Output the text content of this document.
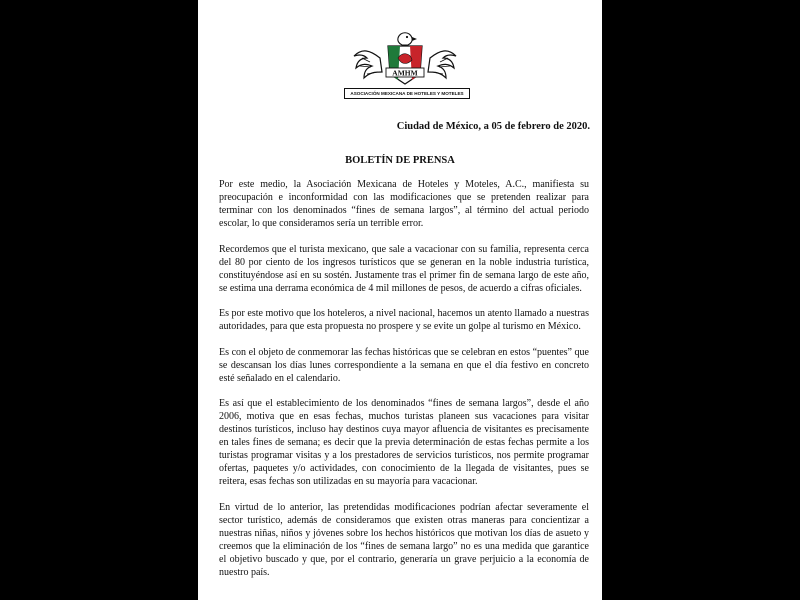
AMHM
ASOCIACIÓN MEXICANA DE HOTELES Y MOTELES
Ciudad de México, a 05 de febrero de 2020.
BOLETÍN DE PRENSA

Por este medio, la Asociación Mexicana de Hoteles y Moteles, A.C., manifiesta su preocupación e inconformidad con las modificaciones que se pretenden realizar para terminar con los denominados “fines de semana largos”, al término del actual periodo escolar, lo que consideramos sería un terrible error.

Recordemos que el turista mexicano, que sale a vacacionar con su familia, representa cerca del 80 por ciento de los ingresos turísticos que se generan en la noble industria turística, constituyéndose así en su sostén. Justamente tras el primer fin de semana largo de este año, se estima una derrama económica de 4 mil millones de pesos, de acuerdo a cifras oficiales.

Es por este motivo que los hoteleros, a nivel nacional, hacemos un atento llamado a nuestras autoridades, para que esta propuesta no prospere y se evite un golpe al turismo en México.

Es con el objeto de conmemorar las fechas históricas que se celebran en estos “puentes” que se descansan los días lunes correspondiente a la semana en que el día festivo en concreto esté señalado en el calendario.

Es así que el establecimiento de los denominados “fines de semana largos”, desde el año 2006, motiva que en esas fechas, muchos turistas planeen sus vacaciones para visitar destinos turísticos, incluso hay destinos cuya mayor afluencia de visitantes es precisamente en tales fines de semana; es decir que la previa determinación de estas fechas permite a los turistas programar visitas y a los prestadores de servicios turísticos, nos permite programar ofertas, paquetes y/o actividades, con conocimiento de la llegada de visitantes, pues se reitera, esas fechas son utilizadas en su mayoría para vacacionar.

En virtud de lo anterior, las pretendidas modificaciones podrían afectar severamente el sector turístico, además de consideramos que existen otras maneras para concientizar a nuestras niñas, niños y jóvenes sobre los hechos históricos que motivan los días de asueto y creemos que la eliminación de los “fines de semana largo” no es una medida que garantice el objetivo buscado y que, por el contrario, generaría un grave perjuicio a la economía de nuestro país.
